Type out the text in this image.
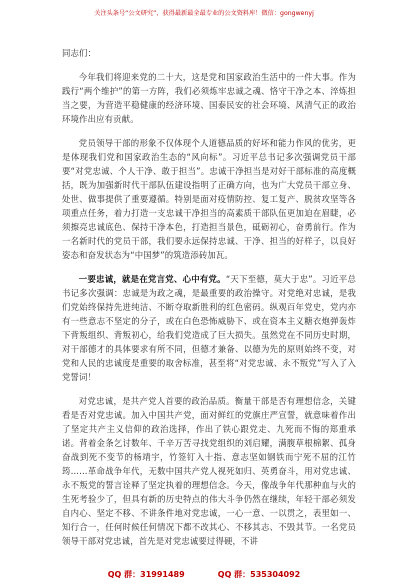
关注头条号“公文研究”，获得最新最全最专业的公文资料库！微信：gongwenyj

同志们：

今年我们将迎来党的二十大，这是党和国家政治生活中的一件大事。作为践行“两个维护”的第一方阵，我们必须炼牢忠诚之魂、恪守干净之本、淬炼担当之要，为营造平稳健康的经济环境、国泰民安的社会环境、风清气正的政治环境作出应有贡献。

党员领导干部的形象不仅体现个人道德品质的好坏和能力作风的优劣，更是体现我们党和国家政治生态的“风向标”。习近平总书记多次强调党员干部要“对党忠诚、个人干净、敢于担当”。忠诚干净担当是对好干部标准的高度概括，既为加强新时代干部队伍建设指明了正确方向，也为广大党员干部立身、处世、做事提供了重要遵循。特别是面对疫情防控、复工复产、脱贫攻坚等各项重点任务，着力打造一支忠诚干净担当的高素质干部队伍更加迫在眉睫，必须擦亮忠诚底色、保持干净本色，打造担当景色，砥砺初心，奋勇前行。作为一名新时代的党员干部，我们要永远保持忠诚、干净、担当的好样子，以良好姿态和奋发状态为“中国梦”的筑造添砖加瓦。

一要忠诚，就是在党言党、心中有党。“天下至德，莫大于忠”。习近平总书记多次强调：忠诚是为政之魂，是最重要的政治操守。对党绝对忠诚，是我们党始终保持先进纯洁、不断夺取新胜利的红色密码。纵观百年党史，党内亦有一些意志不坚定的分子，或在白色恐怖威胁下、或在资本主义糖衣炮弹轰炸下背叛组织、背叛初心，给我们党造成了巨大损失。虽然党在不同历史时期，对干部德才的具体要求有所不同，但德才兼备、以德为先的原则始终不变，对党和人民的忠诚度是重要的取舍标准，甚至将“对党忠诚、永不叛党”写入了入党誓词！

对党忠诚，是共产党人首要的政治品质。衡量干部是否有理想信念，关键看是否对党忠诚。加入中国共产党，面对鲜红的党旗庄严宣誓，就意味着作出了坚定共产主义信仰的政治选择，作出了铁心跟党走、九死而不悔的郑重承诺。背着金条乞讨数年、千辛万苦寻找党组织的刘启耀，满腹草根棉絮、孤身奋战到死不变节的杨靖宇，竹签钉入十指、意志坚如钢铁而宁死不屈的江竹筠……革命战争年代，无数中国共产党人视死如归、英勇奋斗，用对党忠诚、永不叛党的誓言诠释了坚定执着的理想信念。今天，像战争年代那种血与火的生死考验少了，但具有新的历史特点的伟大斗争仍然在继续，年轻干部必须发自内心、坚定不移、不讲条件地对党忠诚，一心一意、一以贯之，表里如一、知行合一，任何时候任何情况下都不改其心、不移其志、不毁其节。一名党员领导干部对党忠诚，首先是对党忠诚要过得硬，不讲

QQ 群：31991489	QQ 群：535304092
